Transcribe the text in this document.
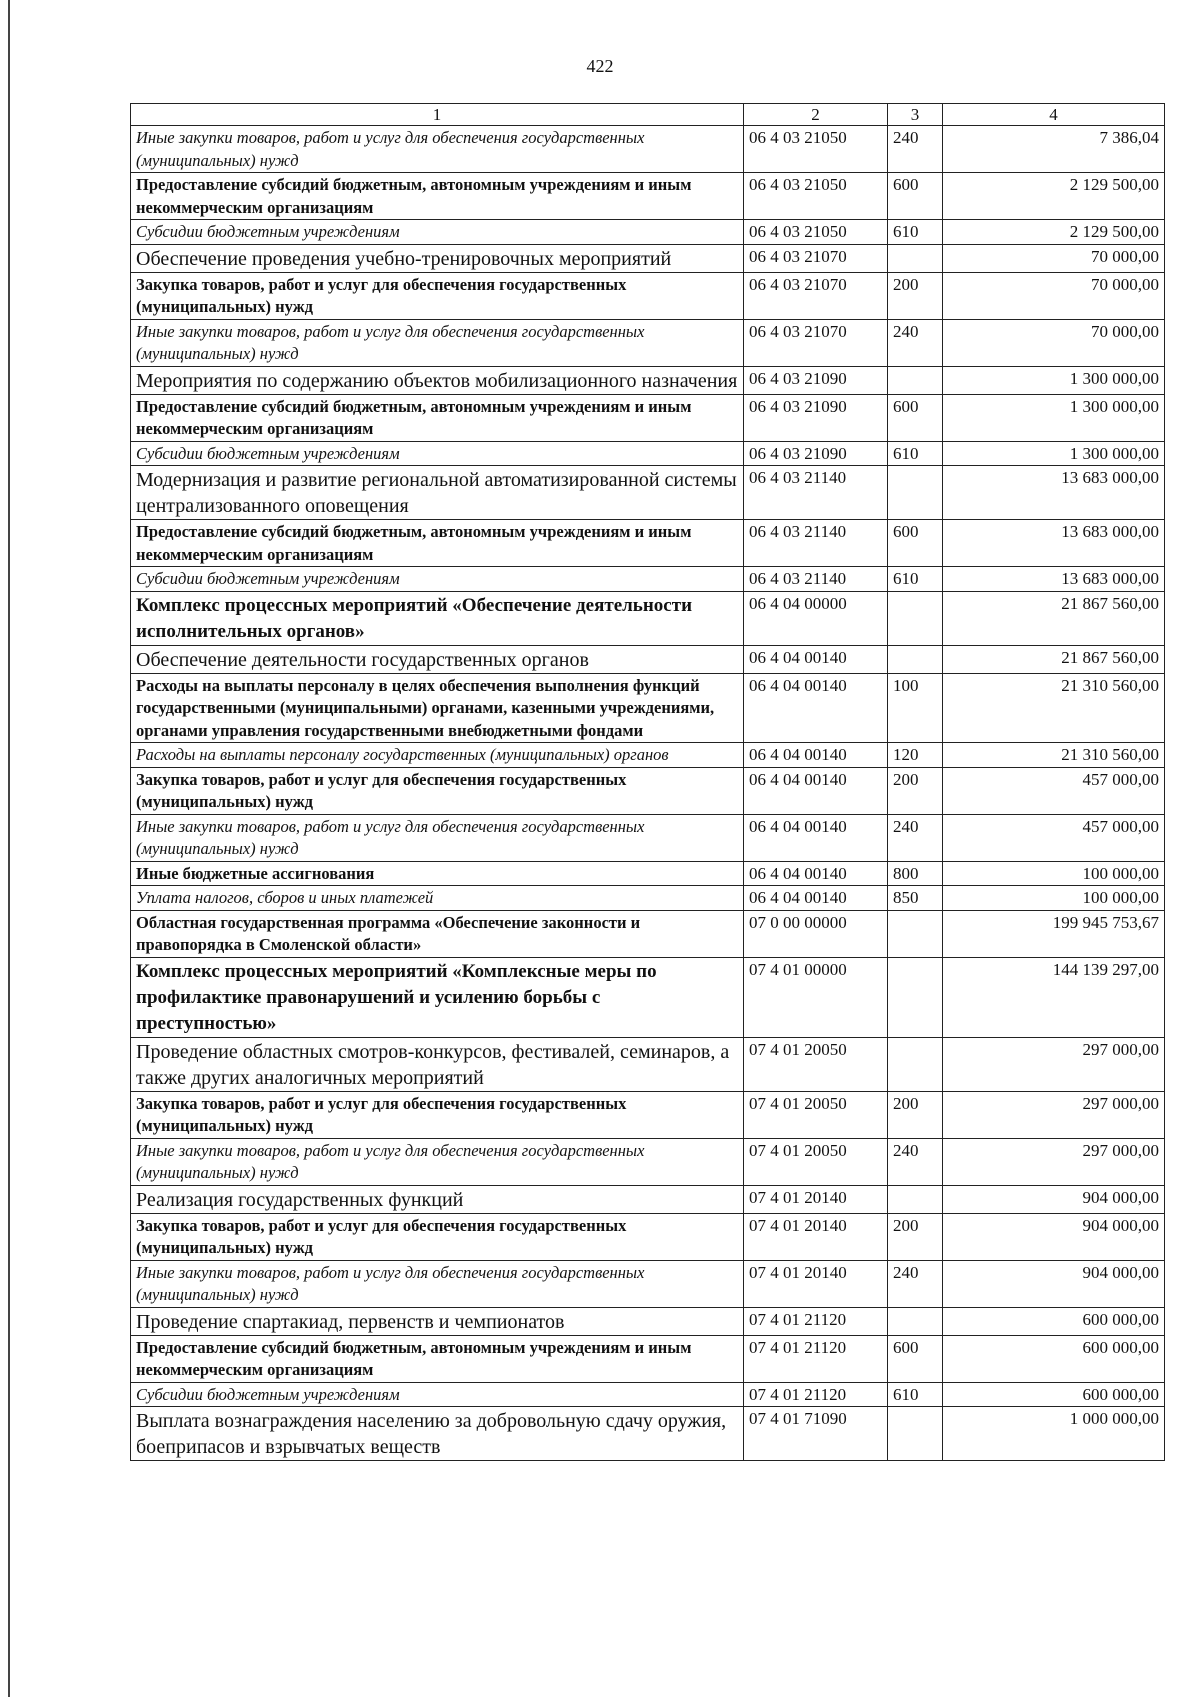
422
1	2	3	4
Иные закупки товаров, работ и услуг для обеспечения государственных (муниципальных) нужд	06 4 03 21050	240	7 386,04
Предоставление субсидий бюджетным, автономным учреждениям и иным некоммерческим организациям	06 4 03 21050	600	2 129 500,00
Субсидии бюджетным учреждениям	06 4 03 21050	610	2 129 500,00
Обеспечение проведения учебно-тренировочных мероприятий	06 4 03 21070		70 000,00
Закупка товаров, работ и услуг для обеспечения государственных (муниципальных) нужд	06 4 03 21070	200	70 000,00
Иные закупки товаров, работ и услуг для обеспечения государственных (муниципальных) нужд	06 4 03 21070	240	70 000,00
Мероприятия по содержанию объектов мобилизационного назначения	06 4 03 21090		1 300 000,00
Предоставление субсидий бюджетным, автономным учреждениям и иным некоммерческим организациям	06 4 03 21090	600	1 300 000,00
Субсидии бюджетным учреждениям	06 4 03 21090	610	1 300 000,00
Модернизация и развитие региональной автоматизированной системы централизованного оповещения	06 4 03 21140		13 683 000,00
Предоставление субсидий бюджетным, автономным учреждениям и иным некоммерческим организациям	06 4 03 21140	600	13 683 000,00
Субсидии бюджетным учреждениям	06 4 03 21140	610	13 683 000,00
Комплекс процессных мероприятий «Обеспечение деятельности исполнительных органов»	06 4 04 00000		21 867 560,00
Обеспечение деятельности государственных органов	06 4 04 00140		21 867 560,00
Расходы на выплаты персоналу в целях обеспечения выполнения функций государственными (муниципальными) органами, казенными учреждениями, органами управления государственными внебюджетными фондами	06 4 04 00140	100	21 310 560,00
Расходы на выплаты персоналу государственных (муниципальных) органов	06 4 04 00140	120	21 310 560,00
Закупка товаров, работ и услуг для обеспечения государственных (муниципальных) нужд	06 4 04 00140	200	457 000,00
Иные закупки товаров, работ и услуг для обеспечения государственных (муниципальных) нужд	06 4 04 00140	240	457 000,00
Иные бюджетные ассигнования	06 4 04 00140	800	100 000,00
Уплата налогов, сборов и иных платежей	06 4 04 00140	850	100 000,00
Областная государственная программа «Обеспечение законности и правопорядка в Смоленской области»	07 0 00 00000		199 945 753,67
Комплекс процессных мероприятий «Комплексные меры по профилактике правонарушений и усилению борьбы с преступностью»	07 4 01 00000		144 139 297,00
Проведение областных смотров-конкурсов, фестивалей, семинаров, а также других аналогичных мероприятий	07 4 01 20050		297 000,00
Закупка товаров, работ и услуг для обеспечения государственных (муниципальных) нужд	07 4 01 20050	200	297 000,00
Иные закупки товаров, работ и услуг для обеспечения государственных (муниципальных) нужд	07 4 01 20050	240	297 000,00
Реализация государственных функций	07 4 01 20140		904 000,00
Закупка товаров, работ и услуг для обеспечения государственных (муниципальных) нужд	07 4 01 20140	200	904 000,00
Иные закупки товаров, работ и услуг для обеспечения государственных (муниципальных) нужд	07 4 01 20140	240	904 000,00
Проведение спартакиад, первенств и чемпионатов	07 4 01 21120		600 000,00
Предоставление субсидий бюджетным, автономным учреждениям и иным некоммерческим организациям	07 4 01 21120	600	600 000,00
Субсидии бюджетным учреждениям	07 4 01 21120	610	600 000,00
Выплата вознаграждения населению за добровольную сдачу оружия, боеприпасов и взрывчатых веществ	07 4 01 71090		1 000 000,00
